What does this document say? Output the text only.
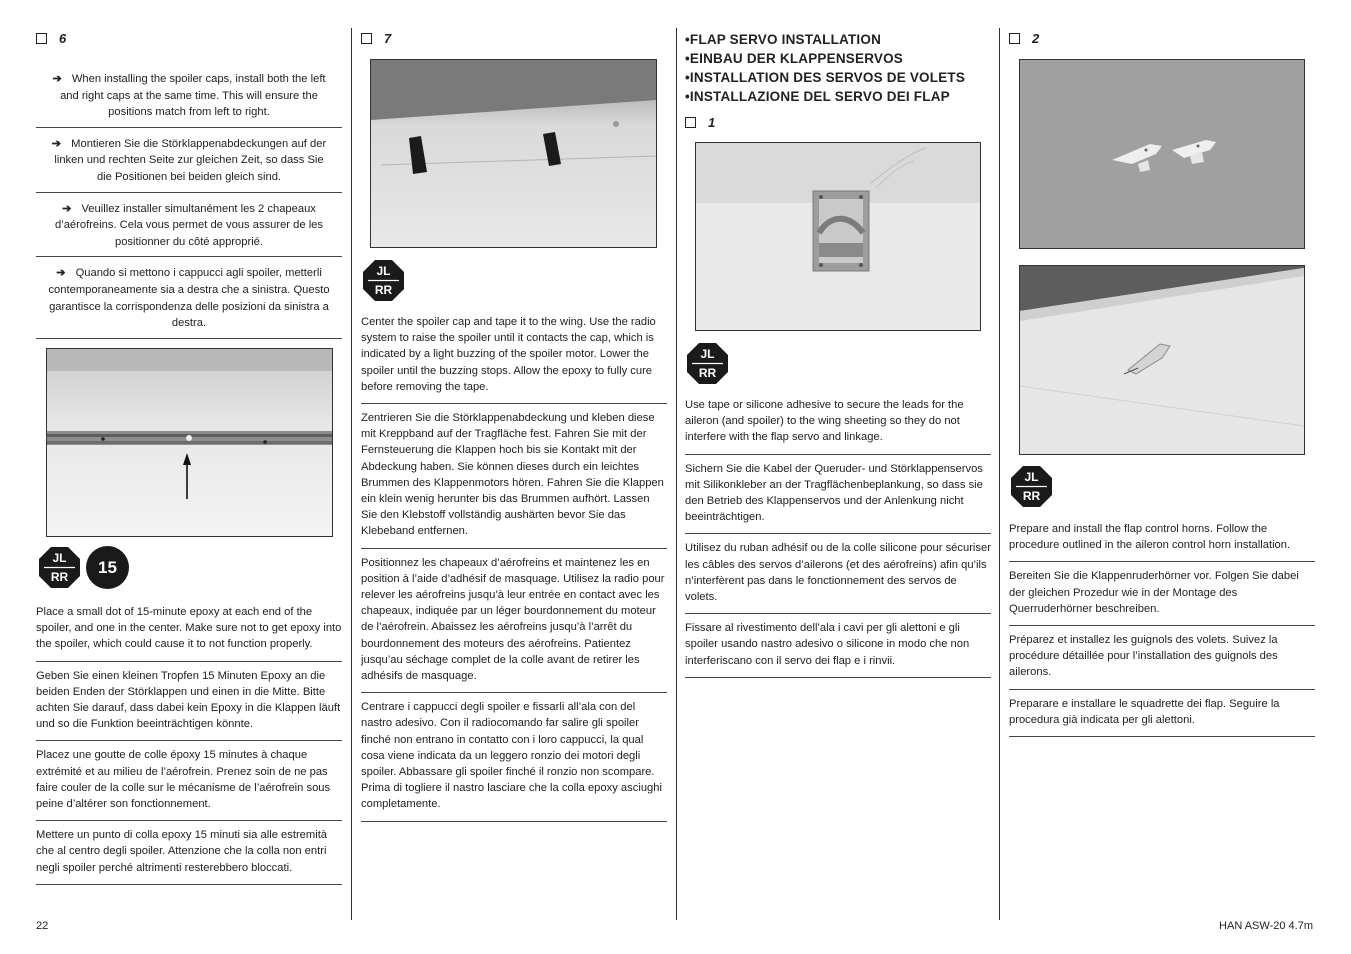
6
➔ When installing the spoiler caps, install both the left and right caps at the same time. This will ensure the positions match from left to right.
➔ Montieren Sie die Störklappenabdeckungen auf der linken und rechten Seite zur gleichen Zeit, so dass Sie die Positionen bei beiden gleich sind.
➔ Veuillez installer simultanément les 2 chapeaux d’aérofreins. Cela vous permet de vous assurer de les positionner du côté approprié.
➔ Quando si mettono i cappucci agli spoiler, metterli contemporaneamente sia a destra che a sinistra. Questo garantisce la corrispondenza delle posizioni da sinistra a destra.
JL
RR
15
Place a small dot of 15-minute epoxy at each end of the spoiler, and one in the center. Make sure not to get epoxy into the spoiler, which could cause it to not function properly.
Geben Sie einen kleinen Tropfen 15 Minuten Epoxy an die beiden Enden der Störklappen und einen in die Mitte. Bitte achten Sie darauf, dass dabei kein Epoxy in die Klappen läuft und so die Funktion beeinträchtigen könnte.
Placez une goutte de colle époxy 15 minutes à chaque extrémité et au milieu de l’aérofrein. Prenez soin de ne pas faire couler de la colle sur le mécanisme de l’aérofrein sous peine d’altérer son fonctionnement.
Mettere un punto di colla epoxy 15 minuti sia alle estremità che al centro degli spoiler. Attenzione che la colla non entri negli spoiler perché altrimenti resterebbero bloccati.
7
JL
RR
Center the spoiler cap and tape it to the wing. Use the radio system to raise the spoiler until it contacts the cap, which is indicated by a light buzzing of the spoiler motor. Lower the spoiler until the buzzing stops. Allow the epoxy to fully cure before removing the tape.
Zentrieren Sie die Störklappenabdeckung und kleben diese mit Kreppband auf der Tragfläche fest. Fahren Sie mit der Fernsteuerung die Klappen hoch bis sie Kontakt mit der Abdeckung haben. Sie können dieses durch ein leichtes Brummen des Klappenmotors hören. Fahren Sie die Klappen ein klein wenig herunter bis das Brummen aufhört. Lassen Sie den Klebstoff vollständig aushärten bevor Sie das Klebeband entfernen.
Positionnez les chapeaux d’aérofreins et maintenez les en position à l’aide d’adhésif de masquage. Utilisez la radio pour relever les aérofreins jusqu’à leur entrée en contact avec les chapeaux, indiquée par un léger bourdonnement du moteur de l’aérofrein. Abaissez les aérofreins jusqu’à l’arrêt du bourdonnement des moteurs des aérofreins. Patientez jusqu’au séchage complet de la colle avant de retirer les adhésifs de masquage.
Centrare i cappucci degli spoiler e fissarli all’ala con del nastro adesivo. Con il radiocomando far salire gli spoiler finché non entrano in contatto con i loro cappucci, la qual cosa viene indicata da un leggero ronzio dei motori degli spoiler. Abbassare gli spoiler finché il ronzio non scompare. Prima di togliere il nastro lasciare che la colla epoxy asciughi completamente.
•FLAP SERVO INSTALLATION
•EINBAU DER KLAPPENSERVOS
•INSTALLATION DES SERVOS DE VOLETS
•INSTALLAZIONE DEL SERVO DEI FLAP
1
JL
RR
Use tape or silicone adhesive to secure the leads for the aileron (and spoiler) to the wing sheeting so they do not interfere with the flap servo and linkage.
Sichern Sie die Kabel der Queruder- und Störklappenservos mit Silikonkleber an der Tragflächenbeplankung, so dass sie den Betrieb des Klappenservos und der Anlenkung nicht beeinträchtigen.
Utilisez du ruban adhésif ou de la colle silicone pour sécuriser les câbles des servos d’ailerons (et des aérofreins) afin qu’ils n’interfèrent pas dans le fonctionnement des servos de volets.
Fissare al rivestimento dell’ala i cavi per gli alettoni e gli spoiler usando nastro adesivo o silicone in modo che non interferiscano con il servo dei flap e i rinvii.
2
JL
RR
Prepare and install the flap control horns. Follow the procedure outlined in the aileron control horn installation.
Bereiten Sie die Klappenruderhörner vor. Folgen Sie dabei der gleichen Prozedur wie in der Montage des Querruderhörner beschreiben.
Préparez et installez les guignols des volets. Suivez la procédure détaillée pour l’installation des guignols des ailerons.
Preparare e installare le squadrette dei flap. Seguire la procedura già indicata per gli alettoni.
22	HAN ASW-20 4.7m
